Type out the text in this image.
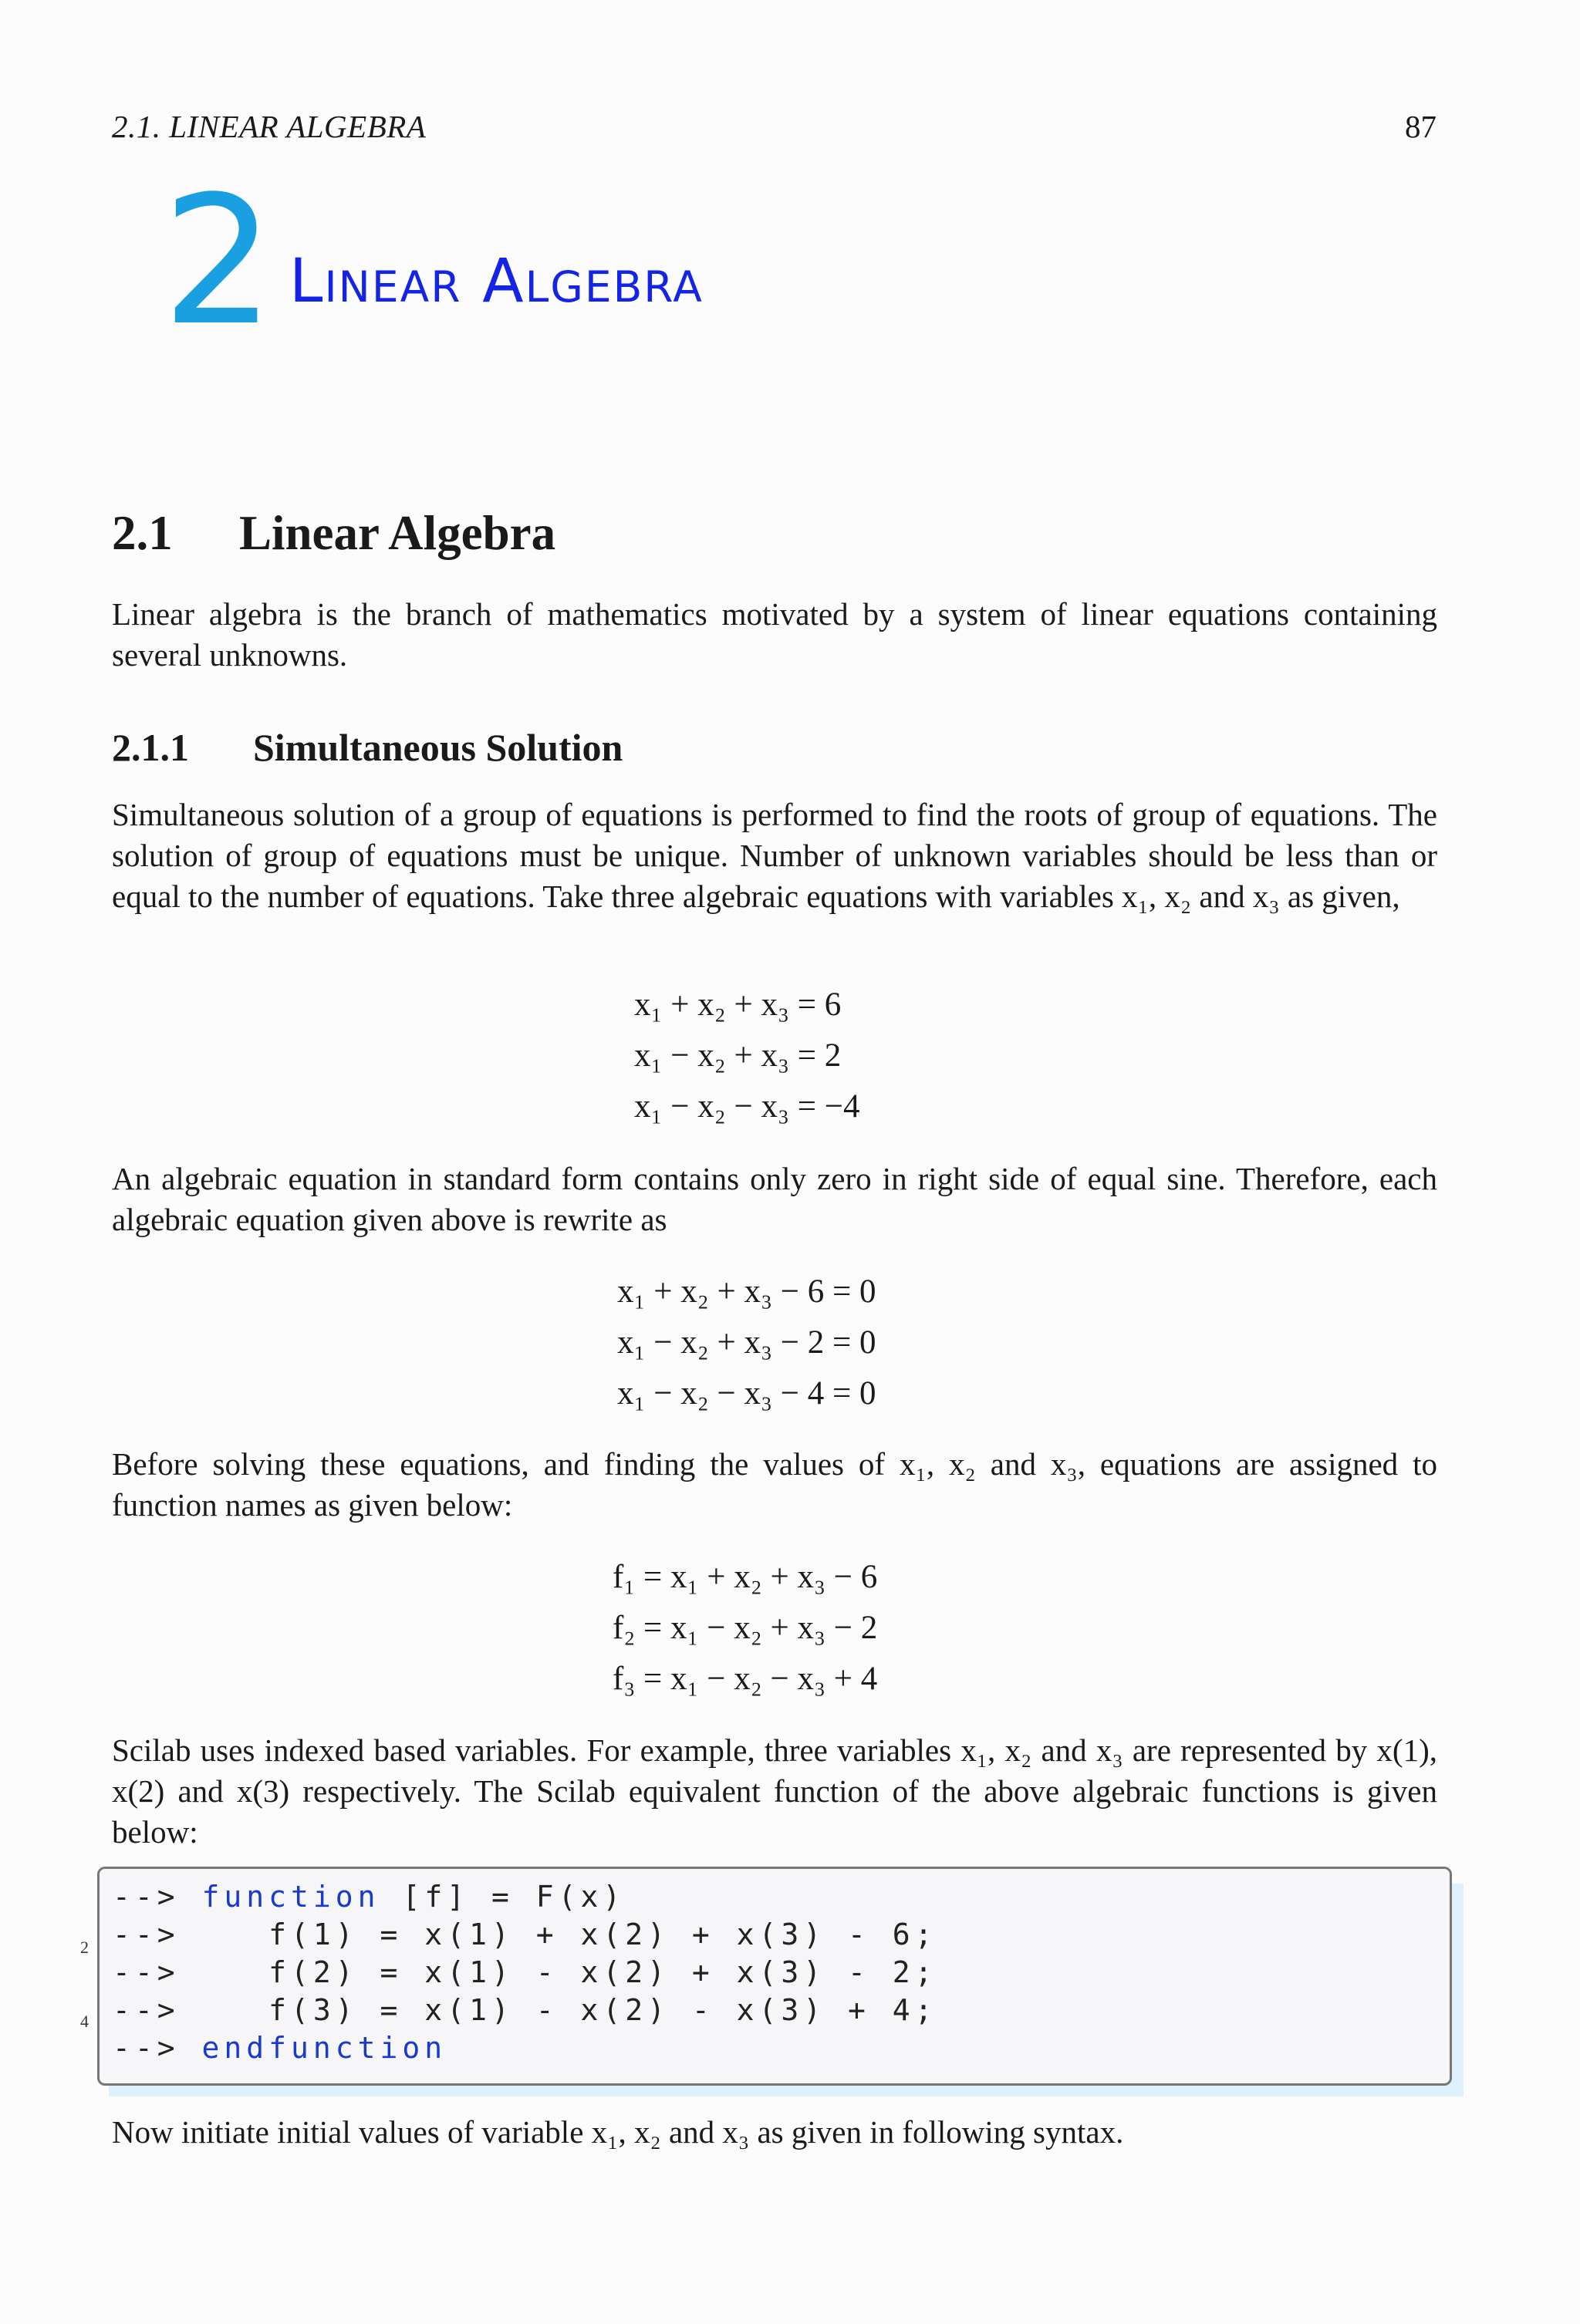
2.1. LINEAR ALGEBRA	87
2 Linear Algebra
2.1 Linear Algebra
Linear algebra is the branch of mathematics motivated by a system of linear equations containing several unknowns.
2.1.1 Simultaneous Solution
Simultaneous solution of a group of equations is performed to find the roots of group of equations. The solution of group of equations must be unique. Number of unknown variables should be less than or equal to the number of equations. Take three algebraic equations with variables x₁, x₂ and x₃ as given,
x₁ + x₂ + x₃ = 6
x₁ − x₂ + x₃ = 2
x₁ − x₂ − x₃ = −4
An algebraic equation in standard form contains only zero in right side of equal sine. Therefore, each algebraic equation given above is rewrite as
x₁ + x₂ + x₃ − 6 = 0
x₁ − x₂ + x₃ − 2 = 0
x₁ − x₂ − x₃ − 4 = 0
Before solving these equations, and finding the values of x₁, x₂ and x₃, equations are assigned to function names as given below:
f₁ = x₁ + x₂ + x₃ − 6
f₂ = x₁ − x₂ + x₃ − 2
f₃ = x₁ − x₂ − x₃ + 4
Scilab uses indexed based variables. For example, three variables x₁, x₂ and x₃ are represented by x(1), x(2) and x(3) respectively. The Scilab equivalent function of the above algebraic functions is given below:
2
4
--> function [f] = F(x)
-->    f(1) = x(1) + x(2) + x(3) - 6;
-->    f(2) = x(1) - x(2) + x(3) - 2;
-->    f(3) = x(1) - x(2) - x(3) + 4;
--> endfunction
Now initiate initial values of variable x₁, x₂ and x₃ as given in following syntax.
